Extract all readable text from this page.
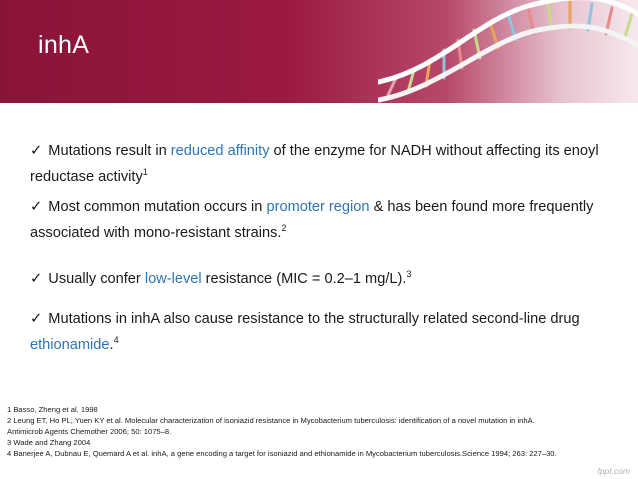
inhA

✓ Mutations result in reduced affinity of the enzyme for NADH without affecting its enoyl reductase activity$^1$

✓ Most common mutation occurs in promoter region & has been found more frequently associated with mono-resistant strains.$^2$

✓ Usually confer low-level resistance (MIC = 0.2–1 mg/L).$^3$

✓ Mutations in inhA also cause resistance to the structurally related second-line drug ethionamide.$^4$

1 Basso, Zheng et al. 1998
2 Leung ET, Ho PL, Yuen KY et al. Molecular characterization of isoniazid resistance in Mycobacterium tuberculosis: identification of a novel mutation in inhA.
Antimicrob Agents Chemother 2006; 50: 1075–8.
3 Wade and Zhang 2004
4 Banerjee A, Dubnau E, Quemard A et al. inhA, a gene encoding a target for isoniazid and ethionamide in Mycobacterium tuberculosis.Science 1994; 263: 227–30.
fppt.com
